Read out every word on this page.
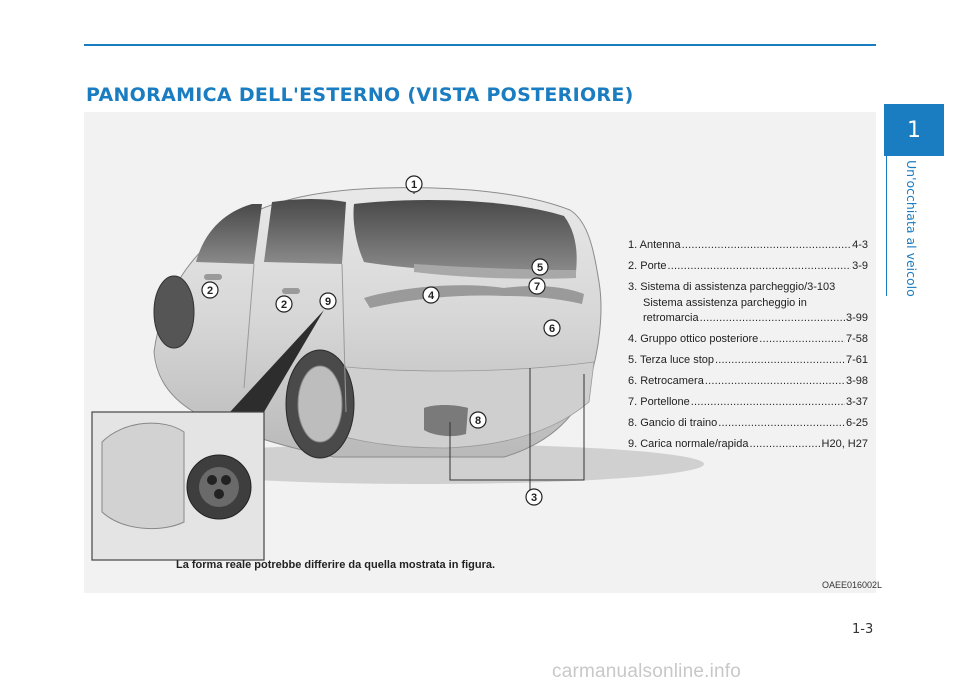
PANORAMICA DELL'ESTERNO (VISTA POSTERIORE)
1
Un'occhiata al veicolo
1
2
2
3
4
5
6
7
8
9
1. Antenna .....	4-3
2. Porte .....	3-9
3. Sistema di assistenza parcheggio/ 3-103
Sistema assistenza parcheggio in
retromarcia .....	3-99
4. Gruppo ottico posteriore .....	7-58
5. Terza luce stop .....	7-61
6. Retrocamera .....	3-98
7. Portellone .....	3-37
8. Gancio di traino .....	6-25
9. Carica normale/rapida .....	H20, H27
La forma reale potrebbe differire da quella mostrata in figura.
OAEE016002L
1-3
carmanualsonline.info
